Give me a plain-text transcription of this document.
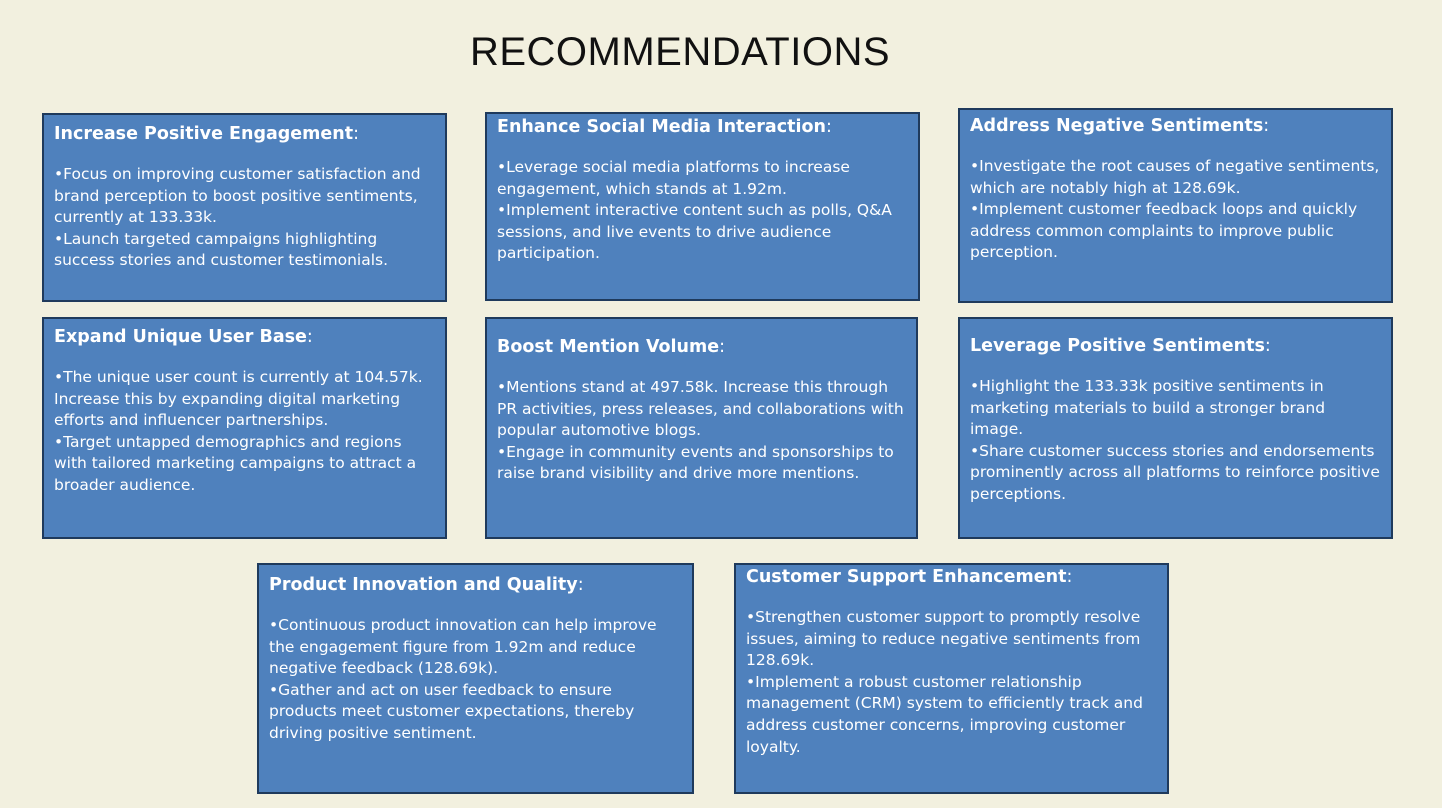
RECOMMENDATIONS
Increase Positive Engagement:

•Focus on improving customer satisfaction and brand perception to boost positive sentiments, currently at 133.33k.

•Launch targeted campaigns highlighting success stories and customer testimonials.

Enhance Social Media Interaction:

•Leverage social media platforms to increase engagement, which stands at 1.92m.

•Implement interactive content such as polls, Q&A sessions, and live events to drive audience participation.

Address Negative Sentiments:

•Investigate the root causes of negative sentiments, which are notably high at 128.69k.

•Implement customer feedback loops and quickly address common complaints to improve public perception.

Expand Unique User Base:

•The unique user count is currently at 104.57k. Increase this by expanding digital marketing efforts and influencer partnerships.

•Target untapped demographics and regions with tailored marketing campaigns to attract a broader audience.

Boost Mention Volume:

•Mentions stand at 497.58k. Increase this through PR activities, press releases, and collaborations with popular automotive blogs.

•Engage in community events and sponsorships to raise brand visibility and drive more mentions.

Leverage Positive Sentiments:

•Highlight the 133.33k positive sentiments in marketing materials to build a stronger brand image.

•Share customer success stories and endorsements prominently across all platforms to reinforce positive perceptions.

Product Innovation and Quality:

•Continuous product innovation can help improve the engagement figure from 1.92m and reduce negative feedback (128.69k).

•Gather and act on user feedback to ensure products meet customer expectations, thereby driving positive sentiment.

Customer Support Enhancement:

•Strengthen customer support to promptly resolve issues, aiming to reduce negative sentiments from 128.69k.

•Implement a robust customer relationship management (CRM) system to efficiently track and address customer concerns, improving customer loyalty.
